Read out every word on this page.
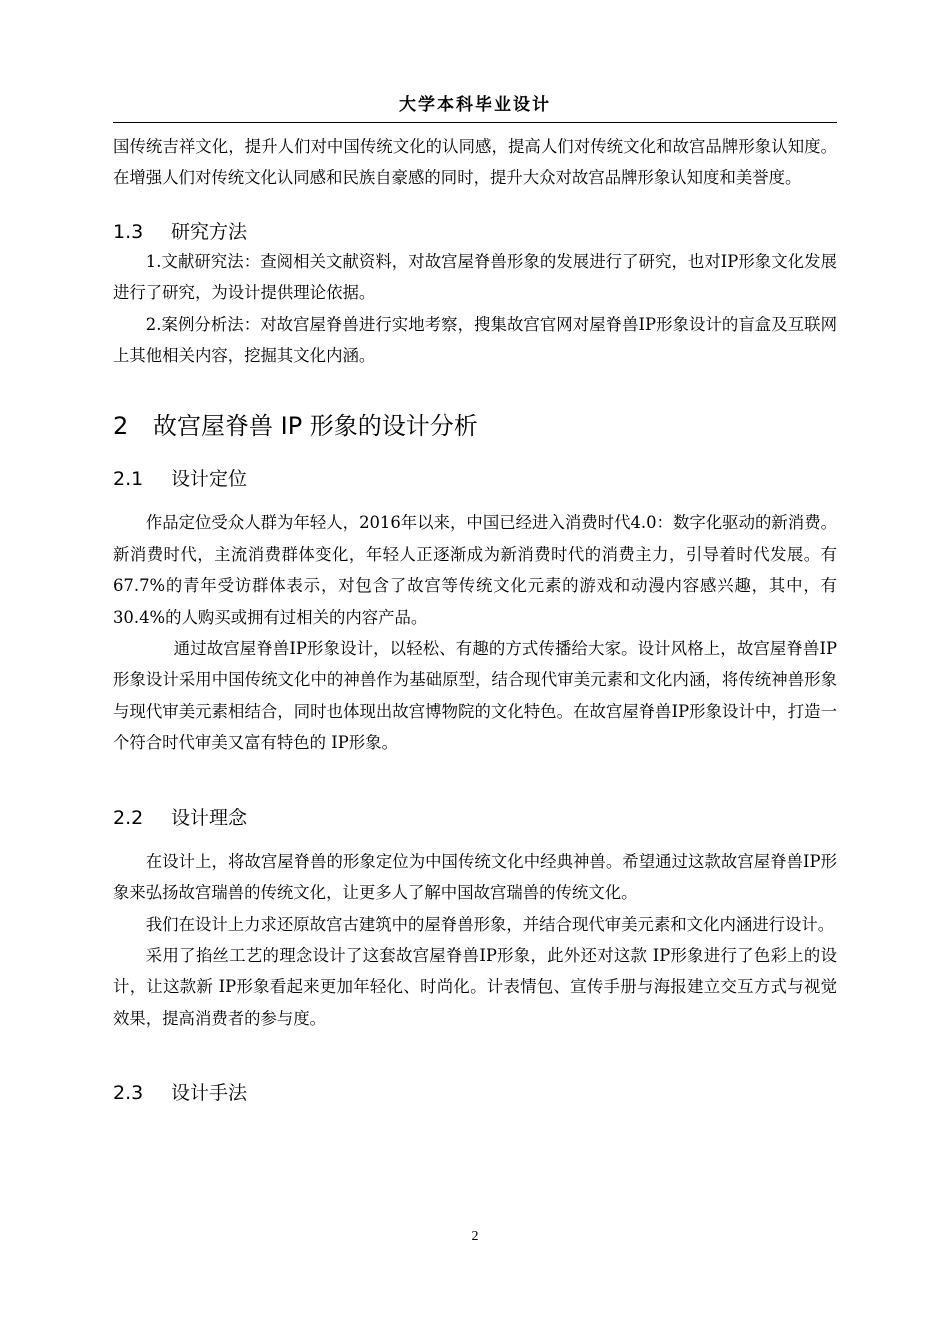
大学本科毕业设计

国传统吉祥文化，提升人们对中国传统文化的认同感，提高人们对传统文化和故宫品牌形象认知度。在增强人们对传统文化认同感和民族自豪感的同时，提升大众对故宫品牌形象认知度和美誉度。

1.3 研究方法

1.文献研究法：查阅相关文献资料，对故宫屋脊兽形象的发展进行了研究，也对IP形象文化发展进行了研究，为设计提供理论依据。

2.案例分析法：对故宫屋脊兽进行实地考察，搜集故宫官网对屋脊兽IP形象设计的盲盒及互联网上其他相关内容，挖掘其文化内涵。

2 故宫屋脊兽 IP 形象的设计分析
2.1 设计定位

作品定位受众人群为年轻人，2016年以来，中国已经进入消费时代4.0：数字化驱动的新消费。新消费时代，主流消费群体变化，年轻人正逐渐成为新消费时代的消费主力，引导着时代发展。有67.7%的青年受访群体表示，对包含了故宫等传统文化元素的游戏和动漫内容感兴趣，其中，有30.4%的人购买或拥有过相关的内容产品。

通过故宫屋脊兽IP形象设计，以轻松、有趣的方式传播给大家。设计风格上，故宫屋脊兽IP形象设计采用中国传统文化中的神兽作为基础原型，结合现代审美元素和文化内涵，将传统神兽形象与现代审美元素相结合，同时也体现出故宫博物院的文化特色。在故宫屋脊兽IP形象设计中，打造一个符合时代审美又富有特色的 IP形象。

2.2 设计理念

在设计上，将故宫屋脊兽的形象定位为中国传统文化中经典神兽。希望通过这款故宫屋脊兽IP形象来弘扬故宫瑞兽的传统文化，让更多人了解中国故宫瑞兽的传统文化。

我们在设计上力求还原故宫古建筑中的屋脊兽形象，并结合现代审美元素和文化内涵进行设计。

采用了掐丝工艺的理念设计了这套故宫屋脊兽IP形象，此外还对这款 IP形象进行了色彩上的设计，让这款新 IP形象看起来更加年轻化、时尚化。计表情包、宣传手册与海报建立交互方式与视觉效果，提高消费者的参与度。

2.3 设计手法
2
